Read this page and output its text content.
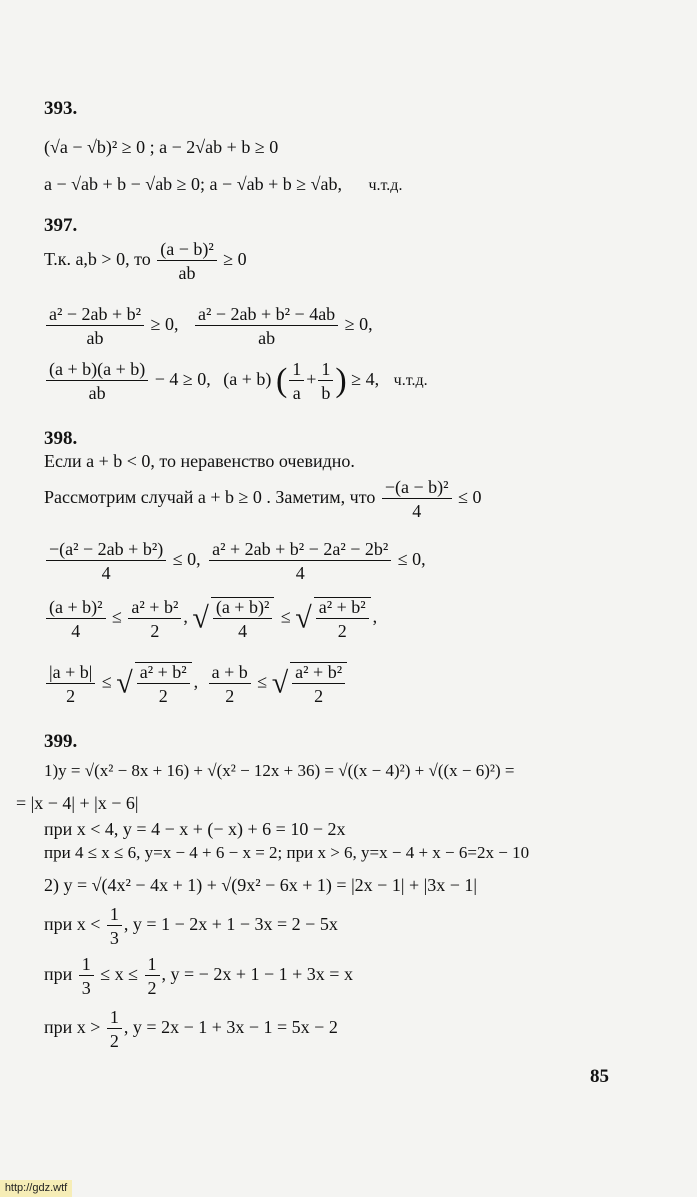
393.
(√a − √b)² ≥ 0 ; a − 2√ab + b ≥ 0
a − √ab + b − √ab ≥ 0; a − √ab + b ≥ √ab, ч.т.д.
397.
Т.к. a,b > 0, то $\frac{\text{(a − b)²}}{ab} \ge 0$
$\frac{\text{a² − 2ab + b²}}{ab} \ge 0$, $\frac{\text{a² − 2ab + b² − 4ab}}{ab} \ge 0$,
$\frac{(a + b)(a + b)}{ab} - 4 \ge 0$, (a + b) ( $\frac{1}{a} + \frac{1}{b}$ ) ≥ 4, ч.т.д.
398.
Если a + b < 0, то неравенство очевидно.
Рассмотрим случай a + b ≥ 0 . Заметим, что $\frac{\text{−(a − b)²}}{4} \le 0$
$\frac{\text{−(a² − 2ab + b²)}}{4} \le 0$, $\frac{\text{a² + 2ab + b² − 2a² − 2b²}}{4} \le 0$,
$\frac{\text{(a + b)²}}{4} \le \frac{\text{a² + b²}}{2}$ , √ $\frac{\text{(a + b)²}}{4}$ ≤ √ $\frac{\text{a² + b²}}{2}$ ,
$\frac{|a + b|}{2}$ ≤ √ $\frac{\text{a² + b²}}{2}$ , $\frac{a + b}{2}$ ≤ √ $\frac{\text{a² + b²}}{2}$
399.
1)y = √(x² − 8x + 16) + √(x² − 12x + 36) = √((x − 4)²) + √((x − 6)²) =
= |x − 4| + |x − 6|
при x < 4, y = 4 − x + (− x) + 6 = 10 − 2x
при 4 ≤ x ≤ 6, y=x − 4 + 6 − x = 2; при x > 6, y=x − 4 + x − 6=2x − 10
2) y = √(4x² − 4x + 1) + √(9x² − 6x + 1) = |2x − 1| + |3x − 1|
при $x < \frac{1}{3}$ , y = 1 − 2x + 1 − 3x = 2 − 5x
при $\frac{1}{3} \le x \le \frac{1}{2}$ , y = − 2x + 1 − 1 + 3x = x
при $x > \frac{1}{2}$ , y = 2x − 1 + 3x − 1 = 5x − 2
85
http://gdz.wtf
